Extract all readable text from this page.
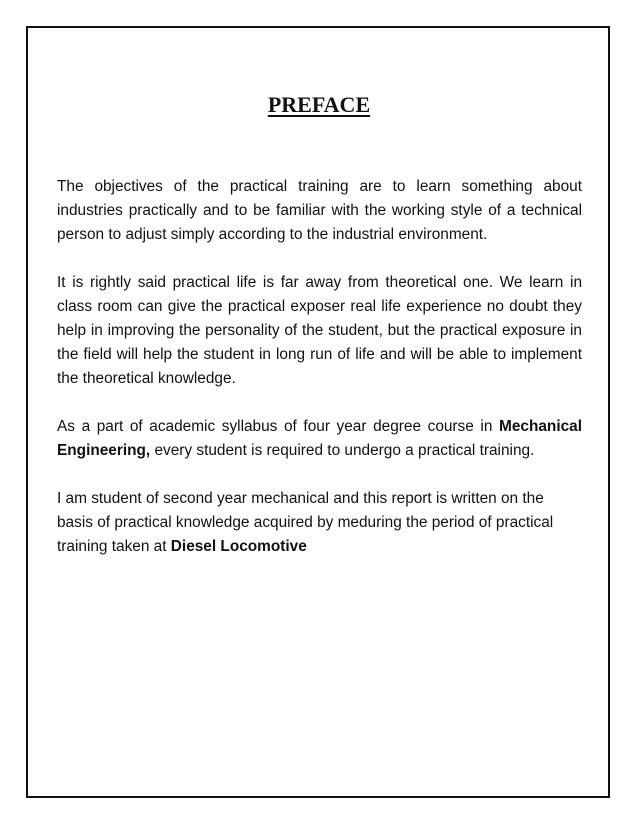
PREFACE

The objectives of the practical training are to learn something about industries practically and to be familiar with the working style of a technical person to adjust simply according to the industrial environment.

It is rightly said practical life is far away from theoretical one. We learn in class room can give the practical exposer real life experience no doubt they help in improving the personality of the student, but the practical exposure in the field will help the student in long run of life and will be able to implement the theoretical knowledge.

As a part of academic syllabus of four year degree course in Mechanical Engineering, every student is required to undergo a practical training.

I am student of second year mechanical and this report is written on the basis of practical knowledge acquired by meduring the period of practical training taken at Diesel Locomotive
